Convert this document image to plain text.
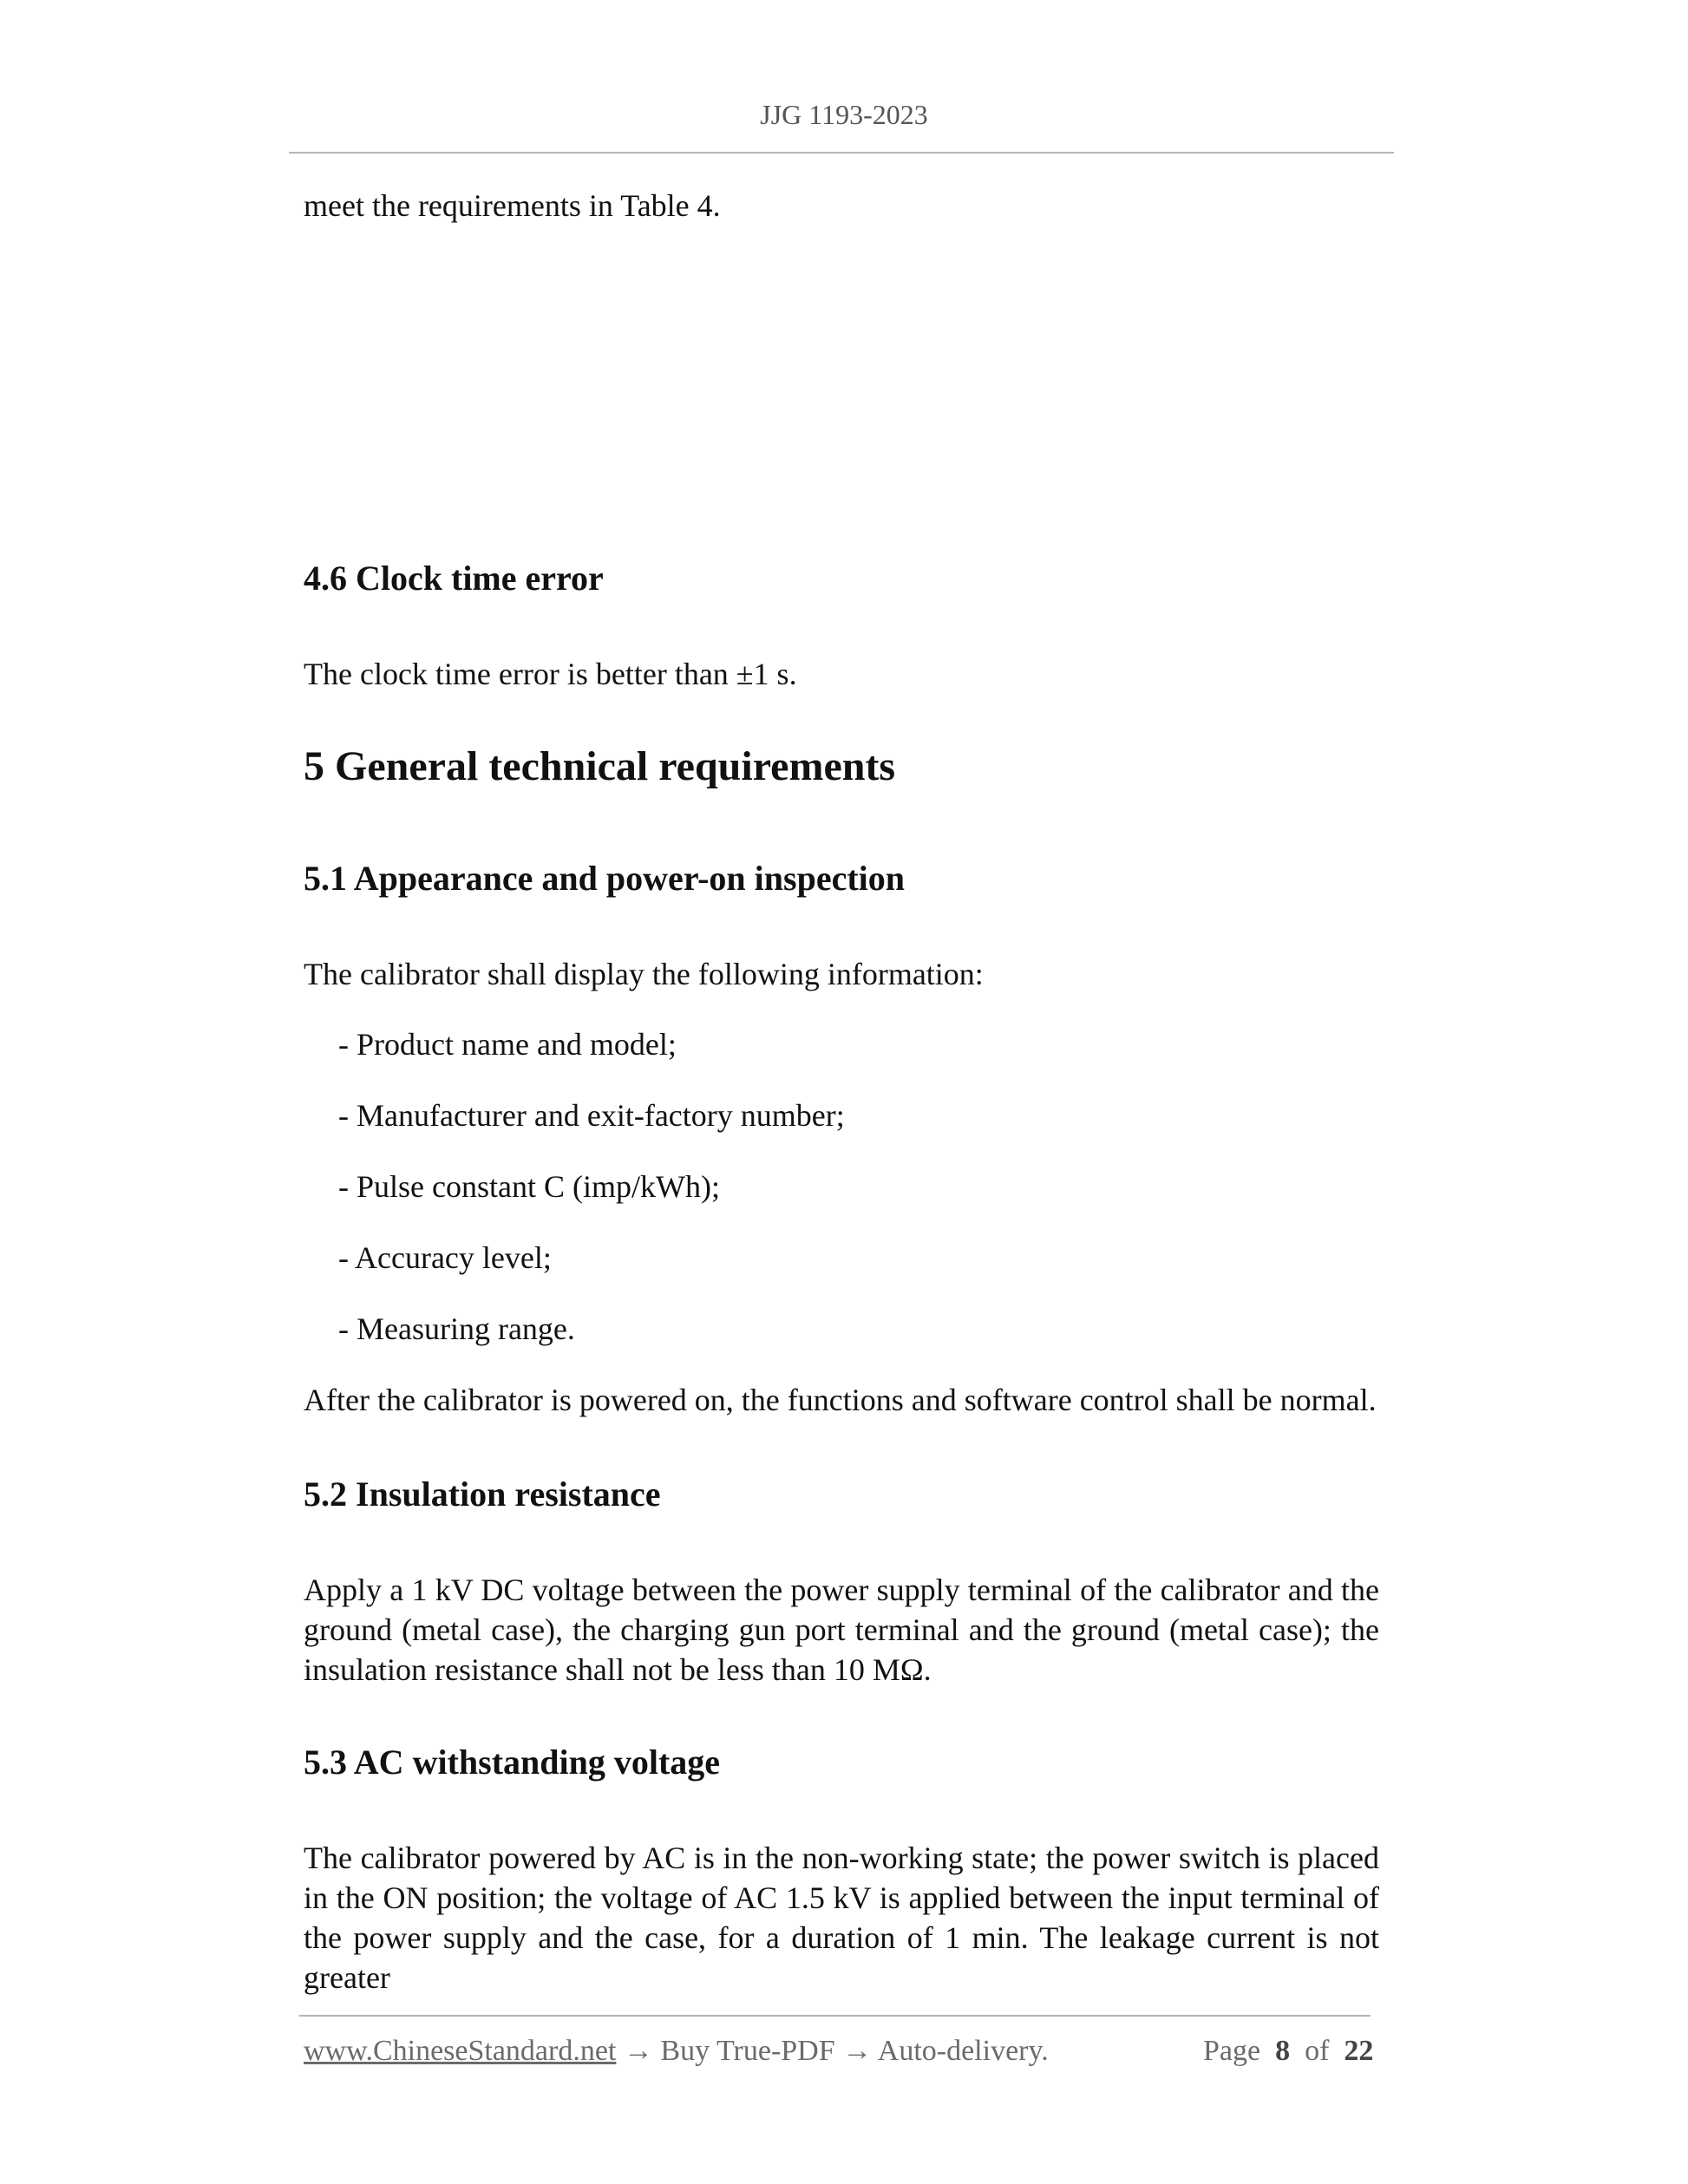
JJG 1193-2023
meet the requirements in Table 4.
4.6 Clock time error
The clock time error is better than ±1 s.
5 General technical requirements
5.1 Appearance and power-on inspection
The calibrator shall display the following information:
- Product name and model;
- Manufacturer and exit-factory number;
- Pulse constant C (imp/kWh);
- Accuracy level;
- Measuring range.
After the calibrator is powered on, the functions and software control shall be normal.
5.2 Insulation resistance
Apply a 1 kV DC voltage between the power supply terminal of the calibrator and the ground (metal case), the charging gun port terminal and the ground (metal case); the insulation resistance shall not be less than 10 MΩ.
5.3 AC withstanding voltage
The calibrator powered by AC is in the non-working state; the power switch is placed in the ON position; the voltage of AC 1.5 kV is applied between the input terminal of the power supply and the case, for a duration of 1 min. The leakage current is not greater
www.ChineseStandard.net → Buy True-PDF → Auto-delivery.	Page 8 of 22
